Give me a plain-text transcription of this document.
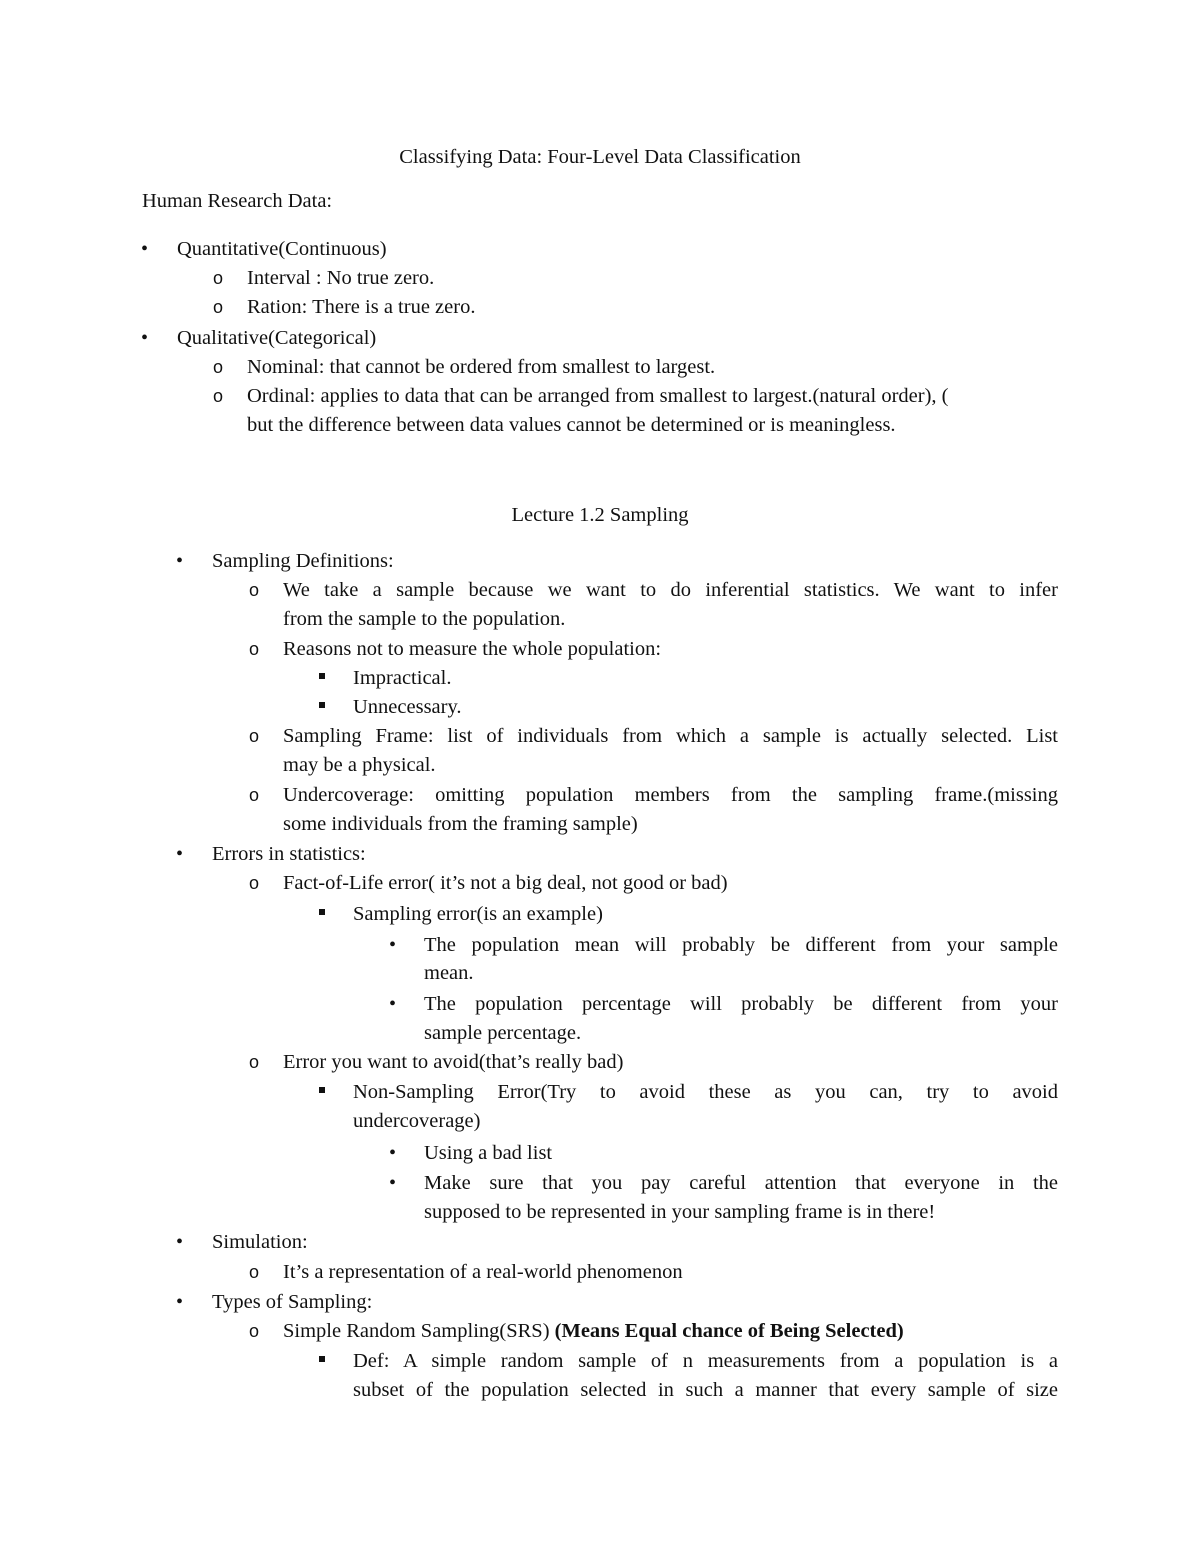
Classifying Data: Four-Level Data Classification
Human Research Data:
• Quantitative(Continuous)
o Interval : No true zero.
o Ration: There is a true zero.
• Qualitative(Categorical)
o Nominal: that cannot be ordered from smallest to largest.
o Ordinal: applies to data that can be arranged from smallest to largest.(natural order), (
but the difference between data values cannot be determined or is meaningless.
Lecture 1.2 Sampling
• Sampling Definitions:
o We take a sample because we want to do inferential statistics. We want to infer
from the sample to the population.
o Reasons not to measure the whole population:
Impractical.
Unnecessary.
o Sampling Frame: list of individuals from which a sample is actually selected. List
may be a physical.
o Undercoverage: omitting population members from the sampling frame.(missing
some individuals from the framing sample)
• Errors in statistics:
o Fact-of-Life error( it’s not a big deal, not good or bad)
Sampling error(is an example)
• The population mean will probably be different from your sample
mean.
• The population percentage will probably be different from your
sample percentage.
o Error you want to avoid(that’s really bad)
Non-Sampling Error(Try to avoid these as you can, try to avoid
undercoverage)
• Using a bad list
• Make sure that you pay careful attention that everyone in the
supposed to be represented in your sampling frame is in there!
• Simulation:
o It’s a representation of a real-world phenomenon
• Types of Sampling:
o Simple Random Sampling(SRS) (Means Equal chance of Being Selected)
Def: A simple random sample of n measurements from a population is a
subset of the population selected in such a manner that every sample of size
